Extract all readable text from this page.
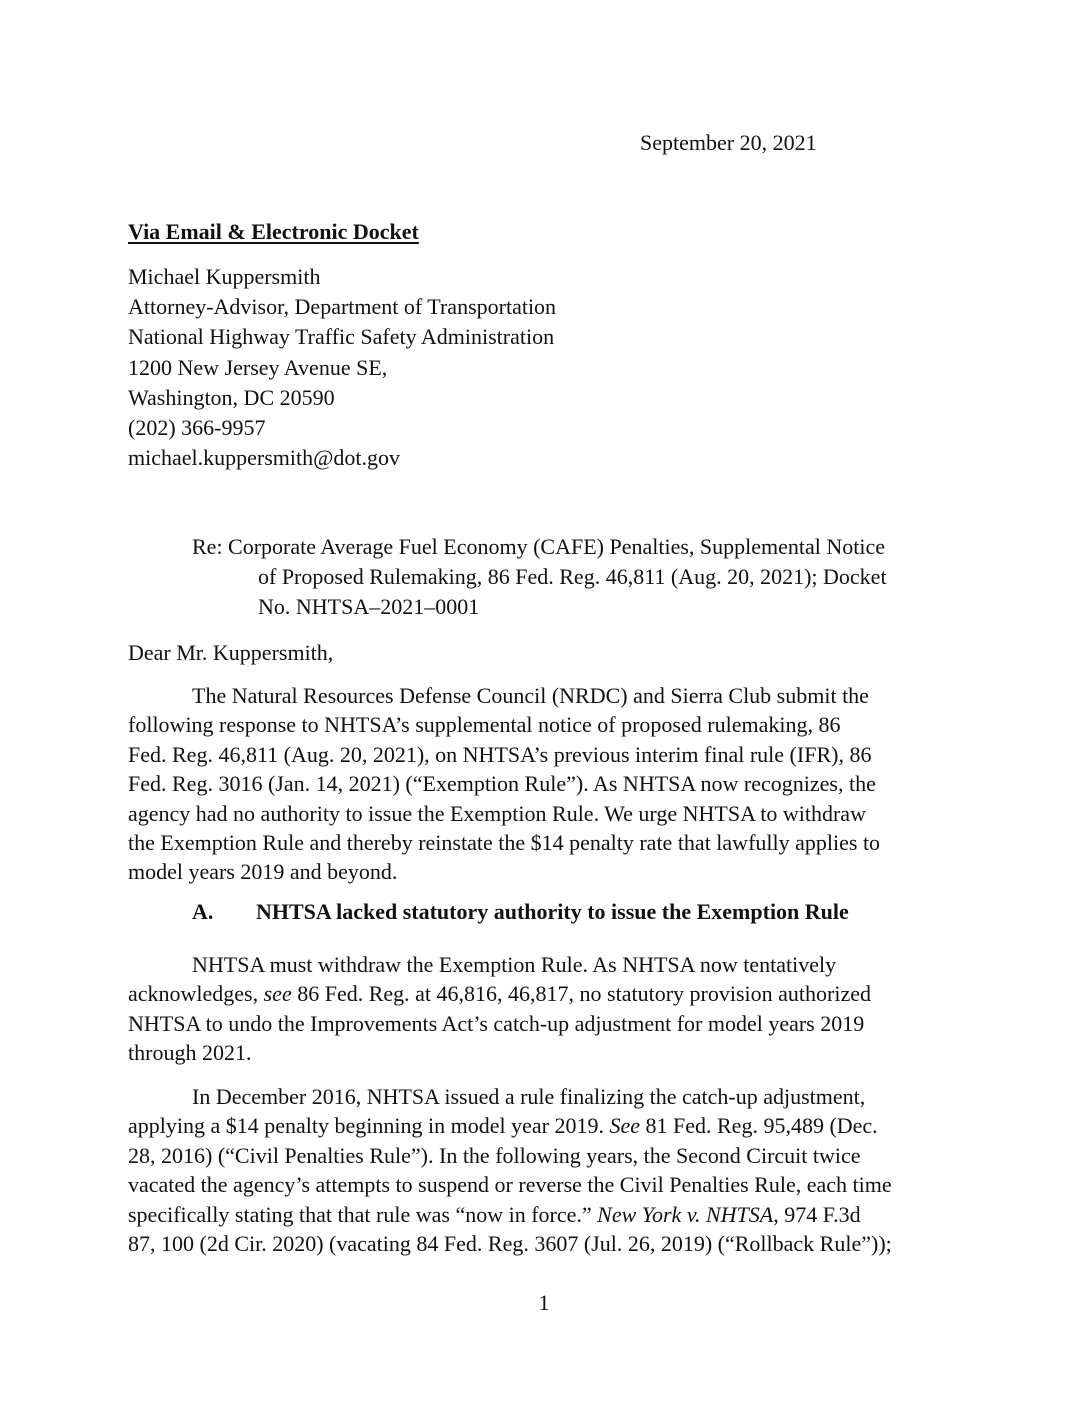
September 20, 2021
Via Email & Electronic Docket
Michael Kuppersmith
Attorney-Advisor, Department of Transportation
National Highway Traffic Safety Administration
1200 New Jersey Avenue SE,
Washington, DC 20590
(202) 366-9957
michael.kuppersmith@dot.gov
Re: Corporate Average Fuel Economy (CAFE) Penalties, Supplemental Notice
of Proposed Rulemaking, 86 Fed. Reg. 46,811 (Aug. 20, 2021); Docket
No. NHTSA–2021–0001
Dear Mr. Kuppersmith,
The Natural Resources Defense Council (NRDC) and Sierra Club submit the
following response to NHTSA’s supplemental notice of proposed rulemaking, 86
Fed. Reg. 46,811 (Aug. 20, 2021), on NHTSA’s previous interim final rule (IFR), 86
Fed. Reg. 3016 (Jan. 14, 2021) (“Exemption Rule”). As NHTSA now recognizes, the
agency had no authority to issue the Exemption Rule. We urge NHTSA to withdraw
the Exemption Rule and thereby reinstate the $14 penalty rate that lawfully applies to
model years 2019 and beyond.
A. NHTSA lacked statutory authority to issue the Exemption Rule
NHTSA must withdraw the Exemption Rule. As NHTSA now tentatively
acknowledges, see 86 Fed. Reg. at 46,816, 46,817, no statutory provision authorized
NHTSA to undo the Improvements Act’s catch-up adjustment for model years 2019
through 2021.
In December 2016, NHTSA issued a rule finalizing the catch-up adjustment,
applying a $14 penalty beginning in model year 2019. See 81 Fed. Reg. 95,489 (Dec.
28, 2016) (“Civil Penalties Rule”). In the following years, the Second Circuit twice
vacated the agency’s attempts to suspend or reverse the Civil Penalties Rule, each time
specifically stating that that rule was “now in force.” New York v. NHTSA, 974 F.3d
87, 100 (2d Cir. 2020) (vacating 84 Fed. Reg. 3607 (Jul. 26, 2019) (“Rollback Rule”));
1
